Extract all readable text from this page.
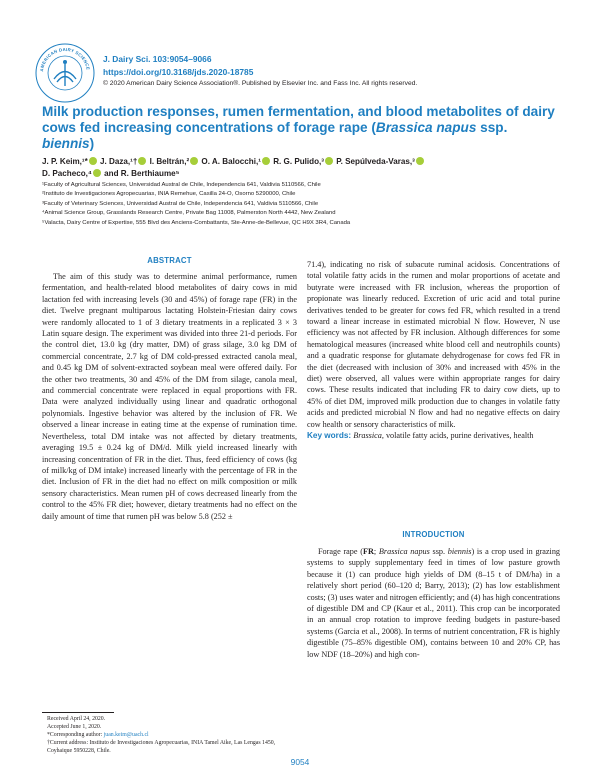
AMERICAN DAIRY SCIENCE
J. Dairy Sci. 103:9054–9066
https://doi.org/10.3168/jds.2020-18785
© 2020 American Dairy Science Association®. Published by Elsevier Inc. and Fass Inc. All rights reserved.
Milk production responses, rumen fermentation, and blood metabolites of dairy cows fed increasing concentrations of forage rape (Brassica napus ssp. biennis)
J. P. Keim,¹* J. Daza,¹† I. Beltrán,² O. A. Balocchi,¹ R. G. Pulido,³ P. Sepúlveda-Varas,³
D. Pacheco,⁴ and R. Berthiaume⁵
¹Faculty of Agricultural Sciences, Universidad Austral de Chile, Independencia 641, Valdivia 5110566, Chile
²Instituto de Investigaciones Agropecuarias, INIA Remehue, Casilla 24-O, Osorno 5290000, Chile
³Faculty of Veterinary Sciences, Universidad Austral de Chile, Independencia 641, Valdivia 5110566, Chile
⁴Animal Science Group, Grasslands Research Centre, Private Bag 11008, Palmerston North 4442, New Zealand
⁵Valacta, Dairy Centre of Expertise, 555 Blvd des Anciens-Combattants, Ste-Anne-de-Bellevue, QC H9X 3R4, Canada
ABSTRACT

The aim of this study was to determine animal performance, rumen fermentation, and health-related blood metabolites of dairy cows in mid lactation fed with increasing levels (30 and 45%) of forage rape (FR) in the diet. Twelve pregnant multiparous lactating Holstein-Friesian dairy cows were randomly allocated to 1 of 3 dietary treatments in a replicated 3 × 3 Latin square design. The experiment was divided into three 21-d periods. For the control diet, 13.0 kg (dry matter, DM) of grass silage, 3.0 kg DM of commercial concentrate, 2.7 kg of DM cold-pressed extracted canola meal, and 0.45 kg DM of solvent-extracted soybean meal were offered daily. For the other two treatments, 30 and 45% of the DM from silage, canola meal, and commercial concentrate were replaced in equal proportions with FR. Data were analyzed individually using linear and quadratic orthogonal polynomials. Ingestive behavior was altered by the inclusion of FR. We observed a linear increase in eating time at the expense of rumination time. Nevertheless, total DM intake was not affected by dietary treatments, averaging 19.5 ± 0.24 kg of DM/d. Milk yield increased linearly with increasing concentration of FR in the diet. Thus, feed efficiency of cows (kg of milk/kg of DM intake) increased linearly with the percentage of FR in the diet. Inclusion of FR in the diet had no effect on milk composition or milk sensory characteristics. Mean rumen pH of cows decreased linearly from the control to the 45% FR diet; however, dietary treatments had no effect on the daily amount of time that rumen pH was below 5.8 (252 ±

71.4), indicating no risk of subacute ruminal acidosis. Concentrations of total volatile fatty acids in the rumen and molar proportions of acetate and butyrate were increased with FR inclusion, whereas the proportion of propionate was linearly reduced. Excretion of uric acid and total purine derivatives tended to be greater for cows fed FR, which resulted in a trend toward a linear increase in estimated microbial N flow. However, N use efficiency was not affected by FR inclusion. Although differences for some hematological measures (increased white blood cell and neutrophils counts) and a quadratic response for glutamate dehydrogenase for cows fed FR in the diet (decreased with inclusion of 30% and increased with 45% in the diet) were observed, all values were within appropriate ranges for dairy cows. These results indicated that including FR to dairy cow diets, up to 45% of diet DM, improved milk production due to changes in volatile fatty acids and predicted microbial N flow and had no negative effects on dairy cow health or sensory characteristics of milk.

Key words: Brassica, volatile fatty acids, purine derivatives, health

INTRODUCTION

Forage rape (FR; Brassica napus ssp. biennis) is a crop used in grazing systems to supply supplementary feed in times of low pasture growth because it (1) can produce high yields of DM (8–15 t of DM/ha) in a relatively short period (60–120 d; Barry, 2013); (2) has low establishment costs; (3) uses water and nitrogen efficiently; and (4) has high concentrations of digestible DM and CP (Kaur et al., 2011). This crop can be incorporated in an annual crop rotation to improve feeding budgets in pasture-based systems (Garcia et al., 2008). In terms of nutrient concentration, FR is highly digestible (75–85% digestible OM), contains between 10 and 20% CP, has low NDF (18–20%) and high con-

Received April 24, 2020.
Accepted June 1, 2020.
*Corresponding author: juan.keim@uach.cl
†Current address: Instituto de Investigaciones Agropecuarias, INIA Tamel Aike, Las Lengas 1450, Coyhaique 5950228, Chile.
9054
